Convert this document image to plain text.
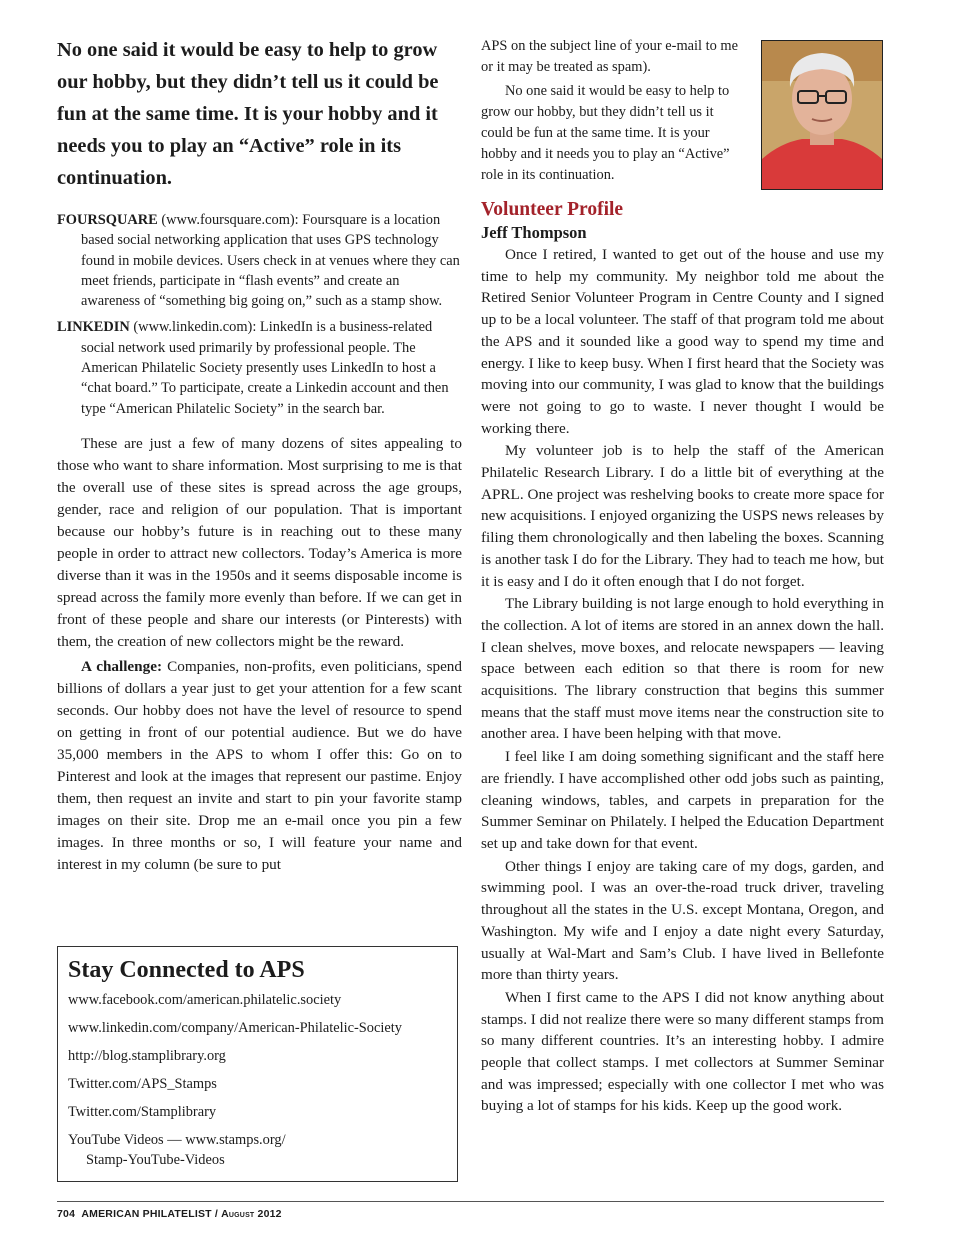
No one said it would be easy to help to grow our hobby, but they didn’t tell us it could be fun at the same time. It is your hobby and it needs you to play an “Active” role in its continuation.

FOURSQUARE (www.foursquare.com): Foursquare is a location based social networking application that uses GPS technology found in mobile devices. Users check in at venues where they can meet friends, participate in “flash events” and create an awareness of “something big going on,” such as a stamp show.

LINKEDIN (www.linkedin.com): LinkedIn is a business-related social network used primarily by professional people. The American Philatelic Society presently uses LinkedIn to host a “chat board.” To participate, create a Linkedin account and then type “American Philatelic Society” in the search bar.

These are just a few of many dozens of sites appealing to those who want to share information. Most surprising to me is that the overall use of these sites is spread across the age groups, gender, race and religion of our population. That is important because our hobby’s future is in reaching out to these many people in order to attract new collectors. Today’s America is more diverse than it was in the 1950s and it seems disposable income is spread across the family more evenly than before. If we can get in front of these people and share our interests (or Pinterests) with them, the creation of new collectors might be the reward.

A challenge: Companies, non-profits, even politicians, spend billions of dollars a year just to get your attention for a few scant seconds. Our hobby does not have the level of resource to spend on getting in front of our potential audience. But we do have 35,000 members in the APS to whom I offer this: Go on to Pinterest and look at the images that represent our pastime. Enjoy them, then request an invite and start to pin your favorite stamp images on their site. Drop me an e-mail once you pin a few images. In three months or so, I will feature your name and interest in my column (be sure to put

Stay Connected to APS
www.facebook.com/american.philatelic.society
www.linkedin.com/company/American-Philatelic-Society
http://blog.stamplibrary.org
Twitter.com/APS_Stamps
Twitter.com/Stamplibrary
YouTube Videos — www.stamps.org/
Stamp-YouTube-Videos

APS on the subject line of your e-mail to me or it may be treated as spam).

No one said it would be easy to help to grow our hobby, but they didn’t tell us it could be fun at the same time. It is your hobby and it needs you to play an “Active” role in its continuation.

Volunteer Profile
Jeff Thompson

Once I retired, I wanted to get out of the house and use my time to help my community. My neighbor told me about the Retired Senior Volunteer Program in Centre County and I signed up to be a local volunteer. The staff of that program told me about the APS and it sounded like a good way to spend my time and energy. I like to keep busy. When I first heard that the Society was moving into our community, I was glad to know that the buildings were not going to go to waste. I never thought I would be working there.

My volunteer job is to help the staff of the American Philatelic Research Library. I do a little bit of everything at the APRL. One project was reshelving books to create more space for new acquisitions. I enjoyed organizing the USPS news releases by filing them chronologically and then labeling the boxes. Scanning is another task I do for the Library. They had to teach me how, but it is easy and I do it often enough that I do not forget.

The Library building is not large enough to hold everything in the collection. A lot of items are stored in an annex down the hall. I clean shelves, move boxes, and relocate newspapers — leaving space between each edition so that there is room for new acquisitions. The library construction that begins this summer means that the staff must move items near the construction site to another area. I have been helping with that move.

I feel like I am doing something significant and the staff here are friendly. I have accomplished other odd jobs such as painting, cleaning windows, tables, and carpets in preparation for the Summer Seminar on Philately. I helped the Education Department set up and take down for that event.

Other things I enjoy are taking care of my dogs, garden, and swimming pool. I was an over-the-road truck driver, traveling throughout all the states in the U.S. except Montana, Oregon, and Washington. My wife and I enjoy a date night every Saturday, usually at Wal-Mart and Sam’s Club. I have lived in Bellefonte more than thirty years.

When I first came to the APS I did not know anything about stamps. I did not realize there were so many different stamps from so many different countries. It’s an interesting hobby. I admire people that collect stamps. I met collectors at Summer Seminar and was impressed; especially with one collector I met who was buying a lot of stamps for his kids. Keep up the good work.

704 AMERICAN PHILATELIST / August 2012
